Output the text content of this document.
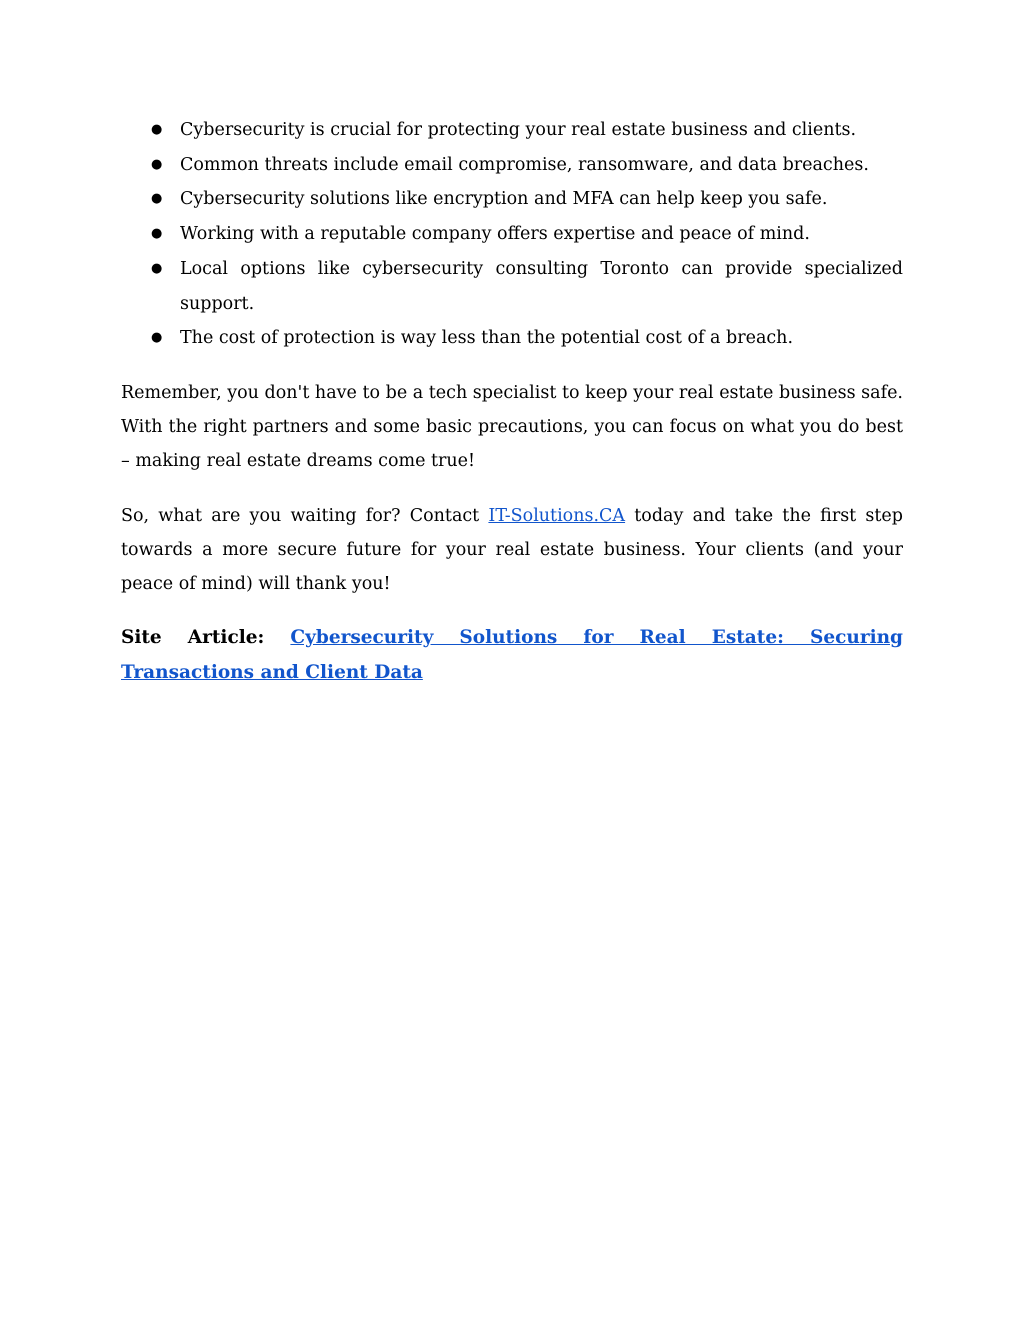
● Cybersecurity is crucial for protecting your real estate business and clients.
● Common threats include email compromise, ransomware, and data breaches.
● Cybersecurity solutions like encryption and MFA can help keep you safe.
● Working with a reputable company offers expertise and peace of mind.
● Local options like cybersecurity consulting Toronto can provide specialized support.
● The cost of protection is way less than the potential cost of a breach.

Remember, you don't have to be a tech specialist to keep your real estate business safe. With the right partners and some basic precautions, you can focus on what you do best – making real estate dreams come true!

So, what are you waiting for? Contact IT-Solutions.CA today and take the first step towards a more secure future for your real estate business. Your clients (and your peace of mind) will thank you!

Site Article: Cybersecurity Solutions for Real Estate: Securing Transactions and Client Data
